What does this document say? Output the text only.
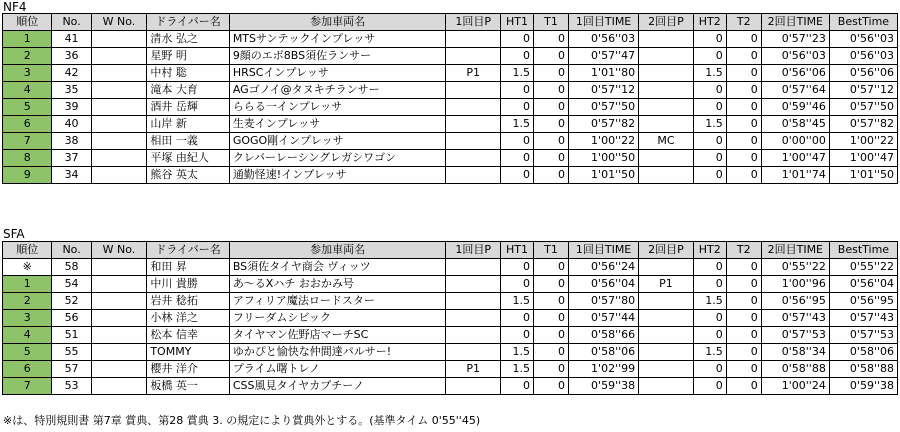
NF4
順位	No.	W No.	ドライバー名	参加車両名	1回目P	HT1	T1	1回目TIME	2回目P	HT2	T2	2回目TIME	BestTime
1	41		清水 弘之	MTSサンテックインプレッサ		0	0	0'56''03		0	0	0'57''23	0'56''03
2	36		星野 明	9顔のエボ8BS須佐ランサー		0	0	0'57''47		0	0	0'56''03	0'56''03
3	42		中村 聡	HRSCインプレッサ	P1	1.5	0	1'01''80		1.5	0	0'56''06	0'56''06
4	35		滝本 大育	AGゴノイ@タヌキチランサー		0	0	0'57''12		0	0	0'57''64	0'57''12
5	39		酒井 岳輝	ららる一インプレッサ		0	0	0'57''50		0	0	0'59''46	0'57''50
6	40		山岸 新	生麦インプレッサ		1.5	0	0'57''82		1.5	0	0'58''45	0'57''82
7	38		相田 一義	GOGO剛インプレッサ		0	0	1'00''22	MC	0	0	0'00''00	1'00''22
8	37		平塚 由紀人	クレバーレーシングレガシワゴン		0	0	1'00''50		0	0	1'00''47	1'00''47
9	34		熊谷 英太	通勤怪速!インプレッサ		0	0	1'01''50		0	0	1'01''74	1'01''50
SFA
順位	No.	W No.	ドライバー名	参加車両名	1回目P	HT1	T1	1回目TIME	2回目P	HT2	T2	2回目TIME	BestTime
※	58		和田 昇	BS須佐タイヤ商会 ヴィッツ		0	0	0'56''24		0	0	0'55''22	0'55''22
1	54		中川 貴勝	あ～るXハチ おおかみ号		0	0	0'56''04	P1	0	0	1'00''96	0'56''04
2	52		岩井 稔拓	アフィリア魔法ロードスター		1.5	0	0'57''80		1.5	0	0'56''95	0'56''95
3	56		小林 洋之	フリーダムシビック		0	0	0'57''44		0	0	0'57''43	0'57''43
4	51		松本 信幸	タイヤマン佐野店マーチSC		0	0	0'58''66		0	0	0'57''53	0'57''53
5	55		TOMMY	ゆかぴと愉快な仲間達パルサー!		1.5	0	0'58''06		1.5	0	0'58''34	0'58''06
6	57		櫻井 洋介	プライム曙トレノ	P1	1.5	0	1'02''99		0	0	0'58''88	0'58''88
7	53		板橋 英一	CSS風見タイヤカプチーノ		0	0	0'59''38		0	0	1'00''24	0'59''38
※は、特別規則書 第7章 賞典、第28 賞典 3. の規定により賞典外とする。(基準タイム 0'55''45)
